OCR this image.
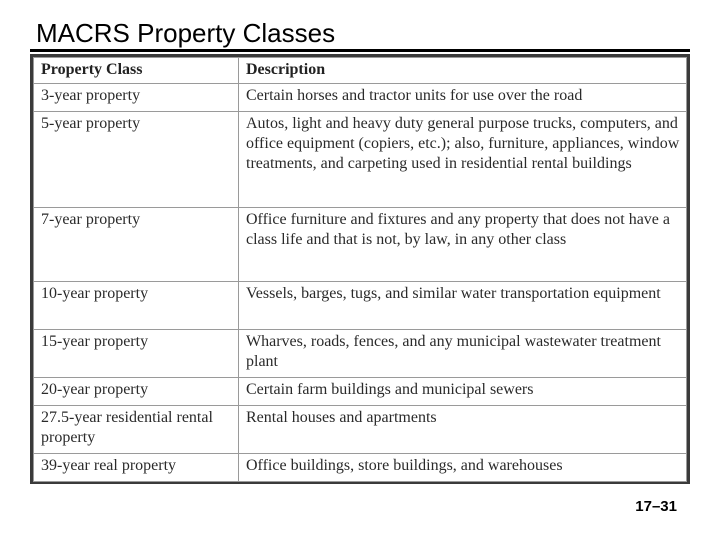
MACRS Property Classes
Property Class	Description
3-year property	Certain horses and tractor units for use over the road
5-year property	Autos, light and heavy duty general purpose trucks, computers, and office equipment (copiers, etc.); also, furniture, appliances, window treatments, and carpeting used in residential rental buildings
7-year property	Office furniture and fixtures and any property that does not have a class life and that is not, by law, in any other class
10-year property	Vessels, barges, tugs, and similar water transportation equipment
15-year property	Wharves, roads, fences, and any municipal wastewater treatment plant
20-year property	Certain farm buildings and municipal sewers
27.5-year residential rental property	Rental houses and apartments
39-year real property	Office buildings, store buildings, and warehouses
17–31
